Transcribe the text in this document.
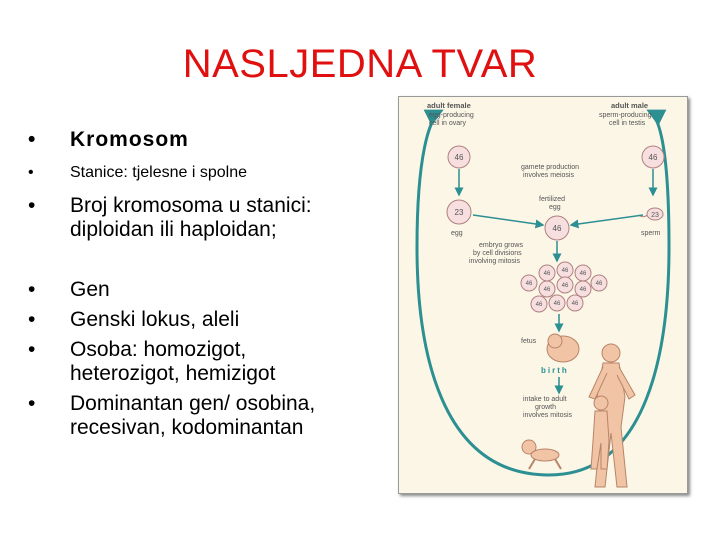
NASLJEDNA TVAR
• Kromosom
• Stanice: tjelesne i spolne
• Broj kromosoma u stanici:
diploidan ili haploidan;
• Gen
• Genski lokus, aleli
• Osoba: homozigot,
heterozigot, hemizigot
• Dominantan gen/ osobina,
recesivan, kodominantan
adult female
egg-producing
cell in ovary
adult male
sperm-producing
cell in testis
46	46
gamete production
involves meiosis
23
egg
23
sperm
fertilized
egg
46
embryo grows
by cell divisions
involving mitosis
46 46 46
46
46
46
46
46
46 46 46
fetus
birth
intake to adult
growth
involves mitosis
